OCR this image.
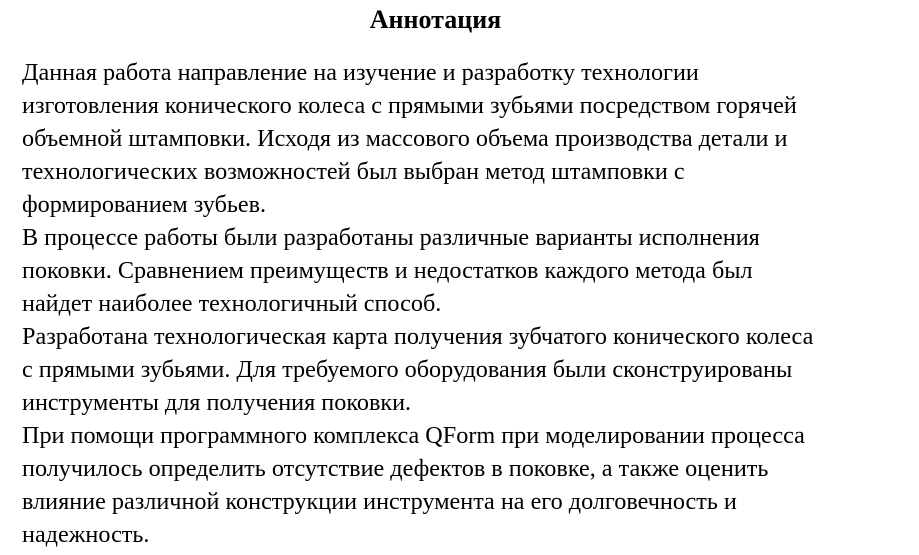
Аннотация
Данная работа направление на изучение и разработку технологии
изготовления конического колеса с прямыми зубьями посредством горячей
объемной штамповки. Исходя из массового объема производства детали и
технологических возможностей был выбран метод штамповки с
формированием зубьев.
В процессе работы были разработаны различные варианты исполнения
поковки. Сравнением преимуществ и недостатков каждого метода был
найдет наиболее технологичный способ.
Разработана технологическая карта получения зубчатого конического колеса
с прямыми зубьями. Для требуемого оборудования были сконструированы
инструменты для получения поковки.
При помощи программного комплекса QForm при моделировании процесса
получилось определить отсутствие дефектов в поковке, а также оценить
влияние различной конструкции инструмента на его долговечность и
надежность.
